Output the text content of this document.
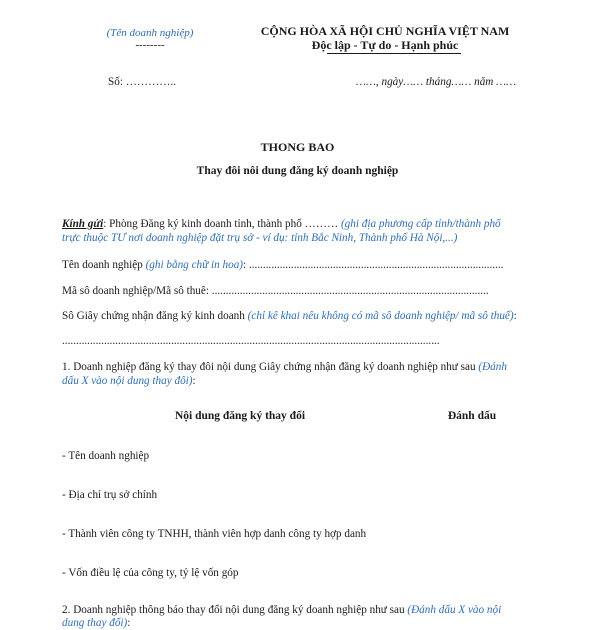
(Tên doanh nghiệp)
--------
CỘNG HÒA XÃ HỘI CHỦ NGHĨA VIỆT NAM
Độc lập - Tự do - Hạnh phúc
Số: …………..	……, ngày…… tháng…… năm ……
THONG BAO
Thay đôi nôi dung đăng ký doanh nghiệp
Kính gửi: Phòng Đăng ký kinh doanh tỉnh, thành phố ……… (ghi địa phương cấp tỉnh/thành phố
trực thuộc TƯ nơi doanh nghiệp đặt trụ sở - ví dụ: tỉnh Bắc Ninh, Thành phố Hà Nội,...)
Tên doanh nghiệp (ghi bằng chữ in hoa): ...........................................................................................
Mã sô doanh nghiệp/Mã sô thuê: ...................................................................................................
Sô Giây chứng nhận đăng ký kinh doanh (chỉ kê khai nêu không có mã sô doanh nghiệp/ mã sô thuế):
.......................................................................................................................................
1. Doanh nghiệp đăng ký thay đôi nội dung Giây chứng nhận đăng ký doanh nghiệp như sau (Đánh
dấu X vào nội dung thay đôi):
Nội dung đăng ký thay đổi	Đánh dấu
- Tên doanh nghiệp
- Địa chỉ trụ sở chính
- Thành viên công ty TNHH, thành viên hợp danh công ty hợp danh
- Vốn điều lệ của công ty, tỷ lệ vốn góp
2. Doanh nghiệp thông báo thay đổi nội dung đăng ký doanh nghiệp như sau (Đánh dấu X vào nội
dung thay đổi):
